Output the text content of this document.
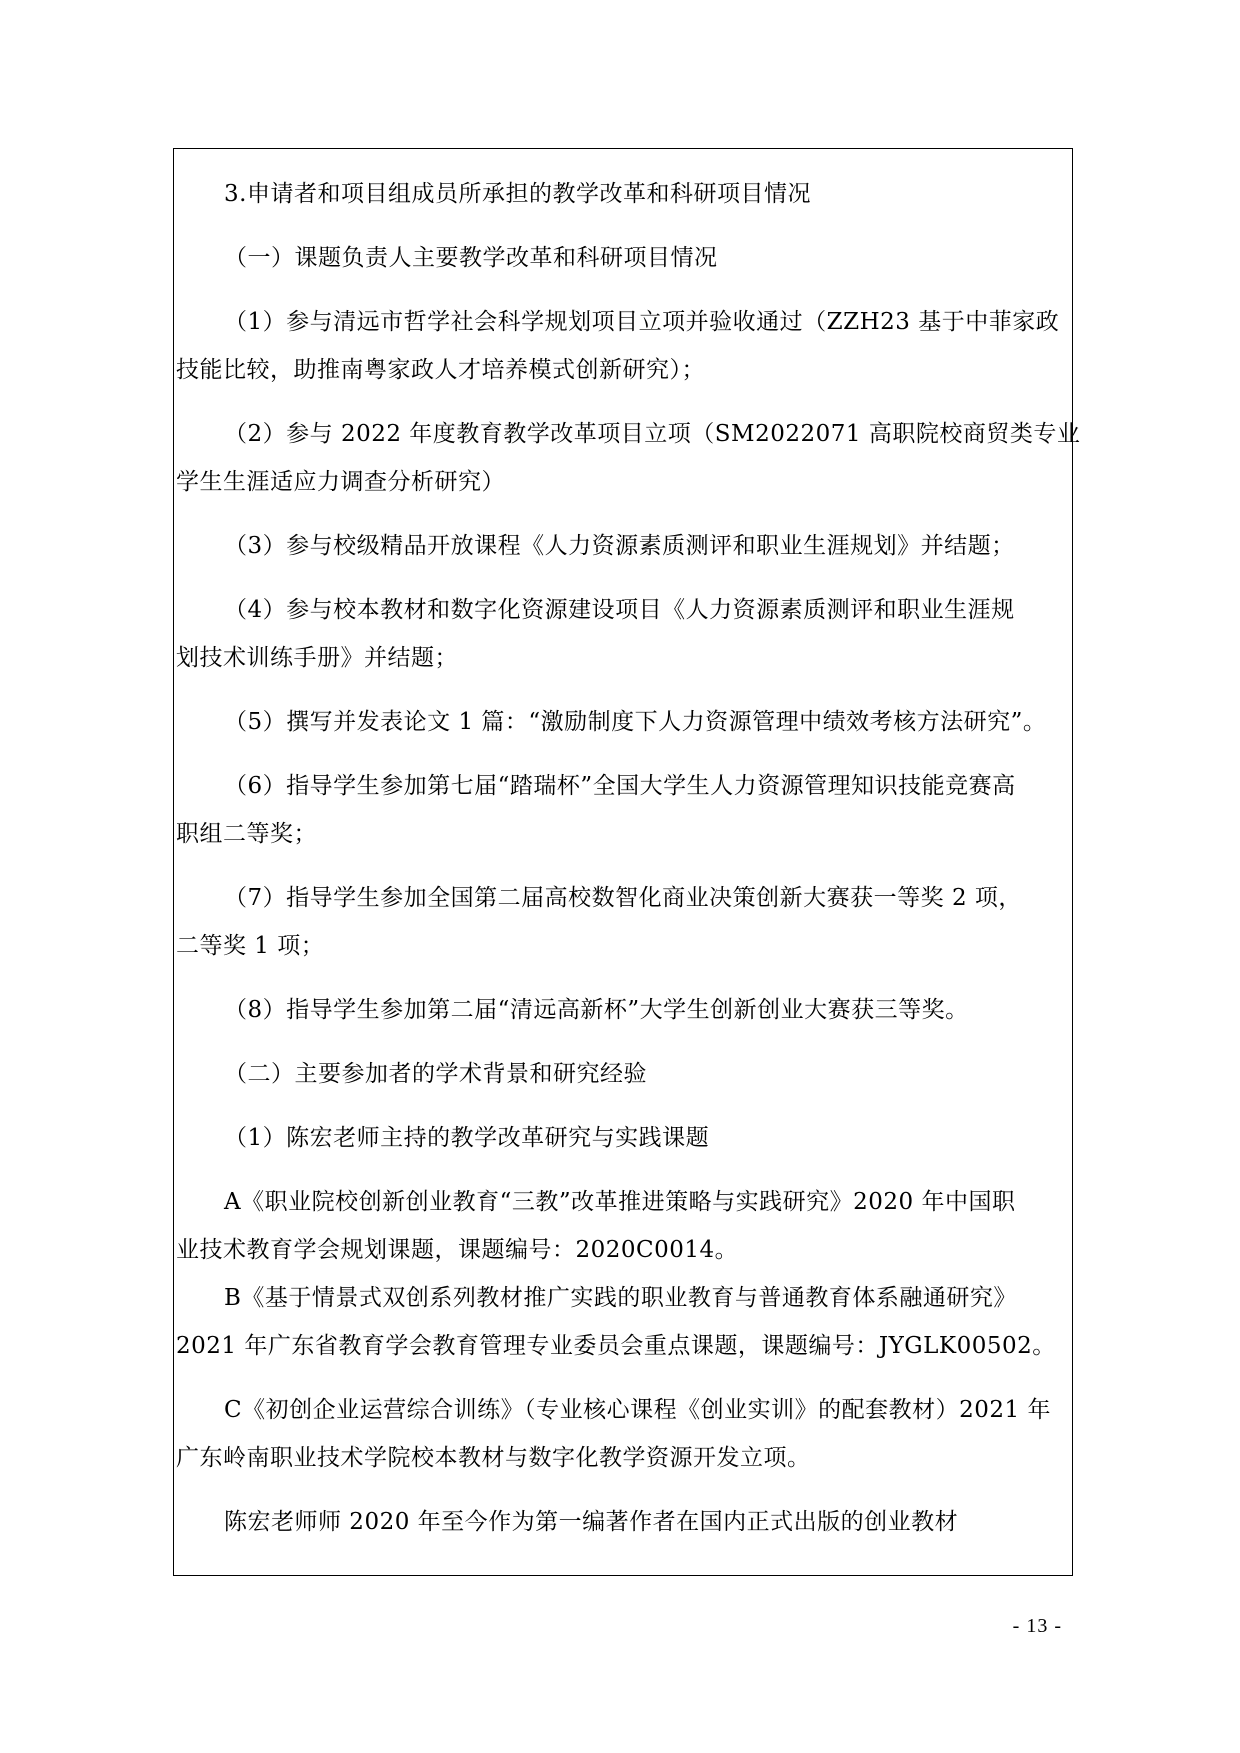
3.申请者和项目组成员所承担的教学改革和科研项目情况
（一）课题负责人主要教学改革和科研项目情况
（1）参与清远市哲学社会科学规划项目立项并验收通过（ZZH23 基于中菲家政
技能比较，助推南粤家政人才培养模式创新研究）；
（2）参与 2022 年度教育教学改革项目立项（SM2022071 高职院校商贸类专业
学生生涯适应力调查分析研究）
（3）参与校级精品开放课程《人力资源素质测评和职业生涯规划》并结题；
（4）参与校本教材和数字化资源建设项目《人力资源素质测评和职业生涯规
划技术训练手册》并结题；
（5）撰写并发表论文 1 篇：“激励制度下人力资源管理中绩效考核方法研究”。
（6）指导学生参加第七届“踏瑞杯”全国大学生人力资源管理知识技能竞赛高
职组二等奖；
（7）指导学生参加全国第二届高校数智化商业决策创新大赛获一等奖 2 项，
二等奖 1 项；
（8）指导学生参加第二届“清远高新杯”大学生创新创业大赛获三等奖。
（二）主要参加者的学术背景和研究经验
（1）陈宏老师主持的教学改革研究与实践课题
A《职业院校创新创业教育“三教”改革推进策略与实践研究》2020 年中国职
业技术教育学会规划课题，课题编号：2020C0014。
B《基于情景式双创系列教材推广实践的职业教育与普通教育体系融通研究》
2021 年广东省教育学会教育管理专业委员会重点课题，课题编号：JYGLK00502。
C《初创企业运营综合训练》（专业核心课程《创业实训》的配套教材）2021 年
广东岭南职业技术学院校本教材与数字化教学资源开发立项。
陈宏老师师 2020 年至今作为第一编著作者在国内正式出版的创业教材
- 13 -
